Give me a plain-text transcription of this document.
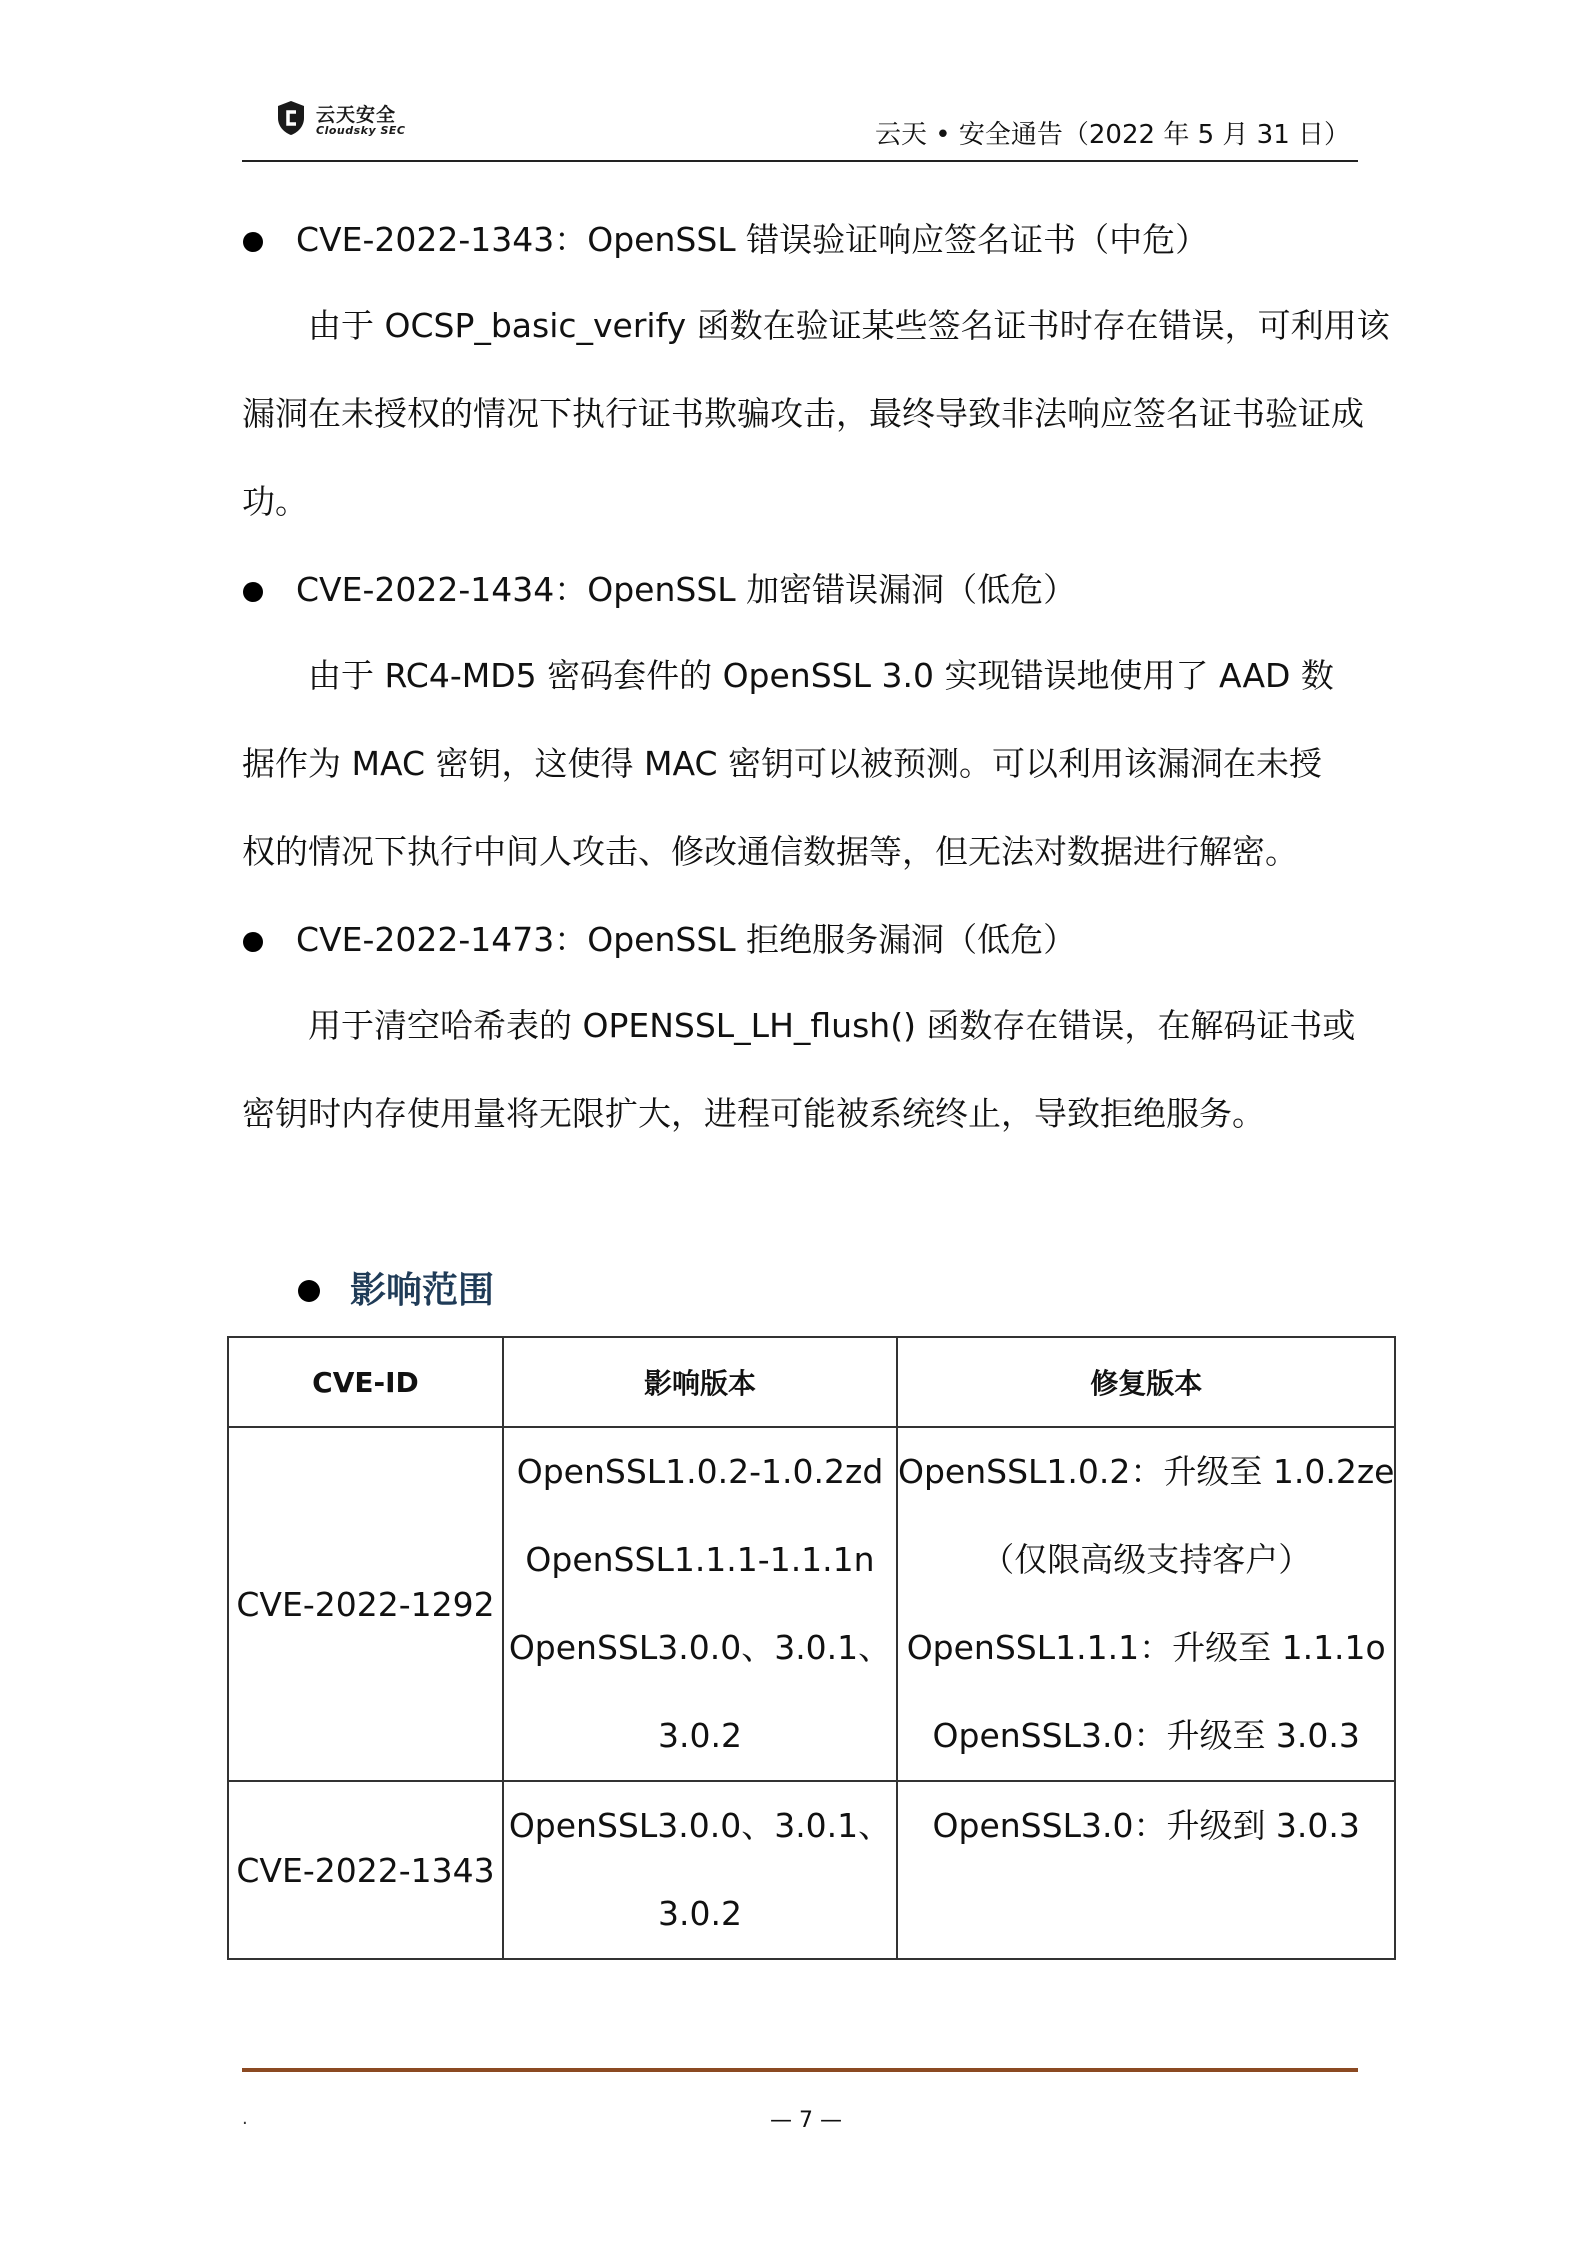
云天安全
Cloudsky SEC	云天 • 安全通告（2022 年 5 月 31 日）
CVE-2022-1343：OpenSSL 错误验证响应签名证书（中危）
由于 OCSP_basic_verify 函数在验证某些签名证书时存在错误，可利用该
漏洞在未授权的情况下执行证书欺骗攻击，最终导致非法响应签名证书验证成
功。
CVE-2022-1434：OpenSSL 加密错误漏洞（低危）
由于 RC4-MD5 密码套件的 OpenSSL 3.0 实现错误地使用了 AAD 数
据作为 MAC 密钥，这使得 MAC 密钥可以被预测。可以利用该漏洞在未授
权的情况下执行中间人攻击、修改通信数据等，但无法对数据进行解密。
CVE-2022-1473：OpenSSL 拒绝服务漏洞（低危）
用于清空哈希表的 OPENSSL_LH_flush() 函数存在错误，在解码证书或
密钥时内存使用量将无限扩大，进程可能被系统终止，导致拒绝服务。
影响范围
CVE-ID	影响版本	修复版本
CVE-2022-1292	OpenSSL1.0.2-1.0.2zd
OpenSSL1.1.1-1.1.1n
OpenSSL3.0.0、3.0.1、
3.0.2	OpenSSL1.0.2：升级至 1.0.2ze
（仅限高级支持客户）
OpenSSL1.1.1：升级至 1.1.1o
OpenSSL3.0：升级至 3.0.3

CVE-2022-1343	OpenSSL3.0.0、3.0.1、
3.0.2	OpenSSL3.0：升级到 3.0.3
.	— 7 —
